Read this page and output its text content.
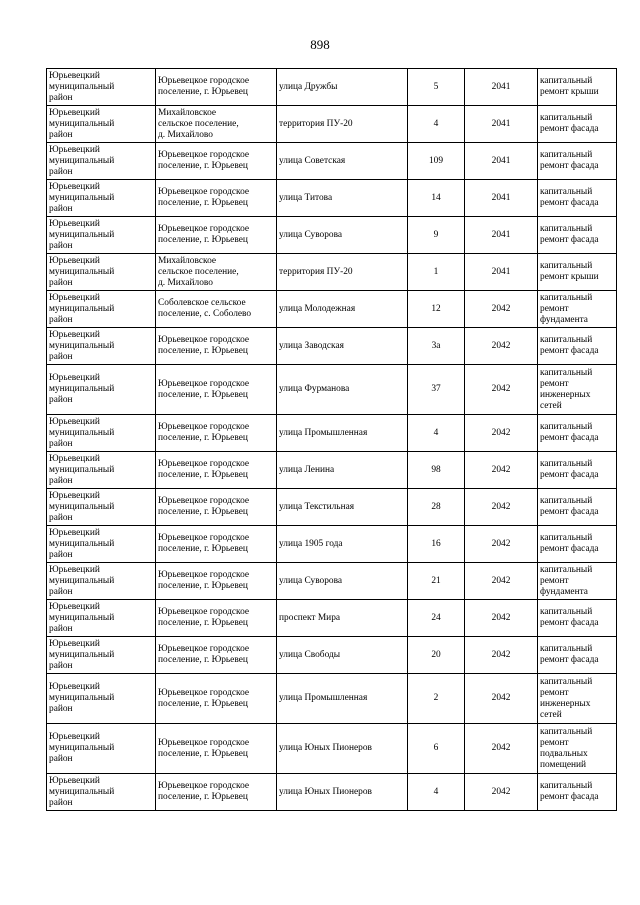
898
Юрьевецкий
муниципальный
район	Юрьевецкое городское
поселение, г. Юрьевец	улица Дружбы	5	2041	капитальный
ремонт крыши
Юрьевецкий
муниципальный
район	Михайловское
сельское поселение,
д. Михайлово	территория ПУ-20	4	2041	капитальный
ремонт фасада
Юрьевецкий
муниципальный
район	Юрьевецкое городское
поселение, г. Юрьевец	улица Советская	109	2041	капитальный
ремонт фасада
Юрьевецкий
муниципальный
район	Юрьевецкое городское
поселение, г. Юрьевец	улица Титова	14	2041	капитальный
ремонт фасада
Юрьевецкий
муниципальный
район	Юрьевецкое городское
поселение, г. Юрьевец	улица Суворова	9	2041	капитальный
ремонт фасада
Юрьевецкий
муниципальный
район	Михайловское
сельское поселение,
д. Михайлово	территория ПУ-20	1	2041	капитальный
ремонт крыши
Юрьевецкий
муниципальный
район	Соболевское сельское
поселение, с. Соболево	улица Молодежная	12	2042	капитальный
ремонт
фундамента
Юрьевецкий
муниципальный
район	Юрьевецкое городское
поселение, г. Юрьевец	улица Заводская	3а	2042	капитальный
ремонт фасада
Юрьевецкий
муниципальный
район	Юрьевецкое городское
поселение, г. Юрьевец	улица Фурманова	37	2042	капитальный
ремонт
инженерных
сетей
Юрьевецкий
муниципальный
район	Юрьевецкое городское
поселение, г. Юрьевец	улица Промышленная	4	2042	капитальный
ремонт фасада
Юрьевецкий
муниципальный
район	Юрьевецкое городское
поселение, г. Юрьевец	улица Ленина	98	2042	капитальный
ремонт фасада
Юрьевецкий
муниципальный
район	Юрьевецкое городское
поселение, г. Юрьевец	улица Текстильная	28	2042	капитальный
ремонт фасада
Юрьевецкий
муниципальный
район	Юрьевецкое городское
поселение, г. Юрьевец	улица 1905 года	16	2042	капитальный
ремонт фасада
Юрьевецкий
муниципальный
район	Юрьевецкое городское
поселение, г. Юрьевец	улица Суворова	21	2042	капитальный
ремонт
фундамента
Юрьевецкий
муниципальный
район	Юрьевецкое городское
поселение, г. Юрьевец	проспект Мира	24	2042	капитальный
ремонт фасада
Юрьевецкий
муниципальный
район	Юрьевецкое городское
поселение, г. Юрьевец	улица Свободы	20	2042	капитальный
ремонт фасада
Юрьевецкий
муниципальный
район	Юрьевецкое городское
поселение, г. Юрьевец	улица Промышленная	2	2042	капитальный
ремонт
инженерных
сетей
Юрьевецкий
муниципальный
район	Юрьевецкое городское
поселение, г. Юрьевец	улица Юных Пионеров	6	2042	капитальный
ремонт
подвальных
помещений
Юрьевецкий
муниципальный
район	Юрьевецкое городское
поселение, г. Юрьевец	улица Юных Пионеров	4	2042	капитальный
ремонт фасада
